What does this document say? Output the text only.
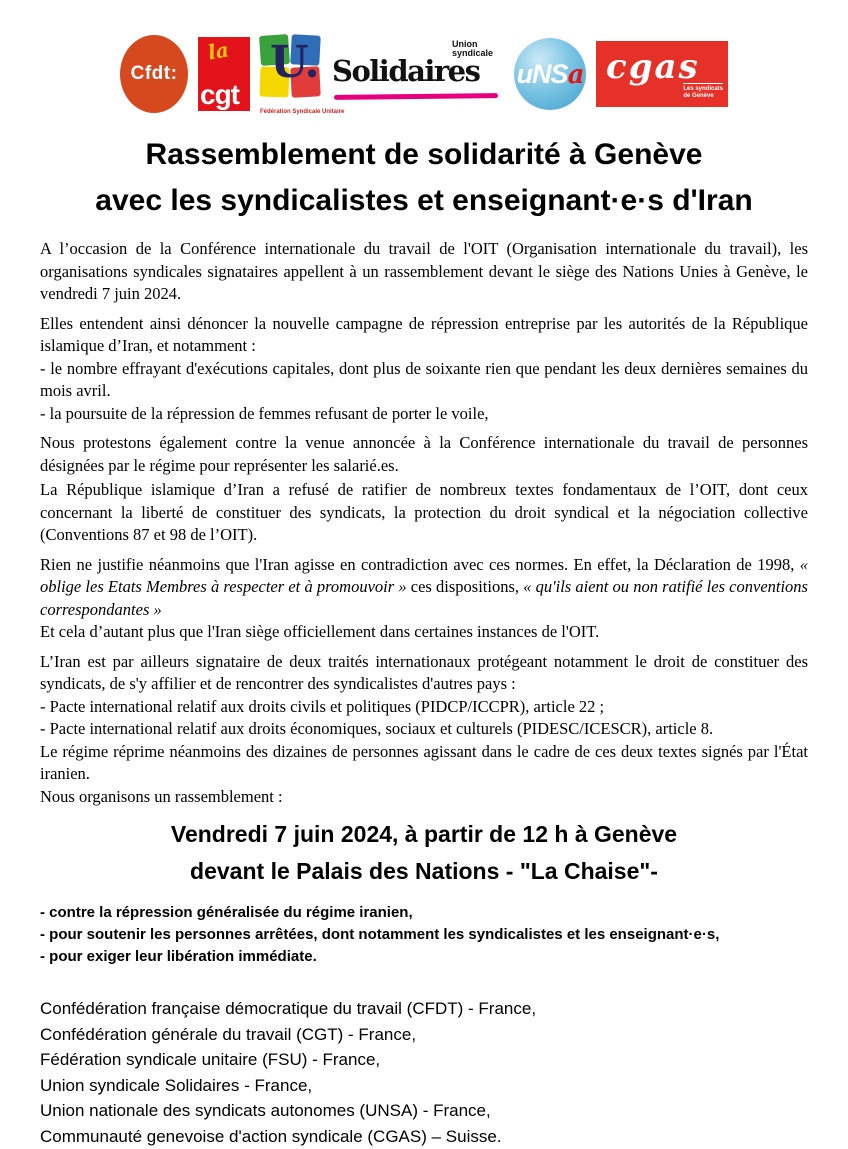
Cfdt:
la
cgt
U.
Fédération Syndicale Unitaire
Union syndicale
Solidaires uNSa cgas
Les syndicats
de Genève
Rassemblement de solidarité à Genève
avec les syndicalistes et enseignant·e·s d'Iran

A l’occasion de la Conférence internationale du travail de l'OIT (Organisation internationale du travail), les organisations syndicales signataires appellent à un rassemblement devant le siège des Nations Unies à Genève, le vendredi 7 juin 2024.

Elles entendent ainsi dénoncer la nouvelle campagne de répression entreprise par les autorités de la République islamique d’Iran, et notamment :

- le nombre effrayant d'exécutions capitales, dont plus de soixante rien que pendant les deux dernières semaines du mois avril.

- la poursuite de la répression de femmes refusant de porter le voile,

Nous protestons également contre la venue annoncée à la Conférence internationale du travail de personnes désignées par le régime pour représenter les salarié.es.

La République islamique d’Iran a refusé de ratifier de nombreux textes fondamentaux de l’OIT, dont ceux concernant la liberté de constituer des syndicats, la protection du droit syndical et la négociation collective (Conventions 87 et 98 de l’OIT).

Rien ne justifie néanmoins que l'Iran agisse en contradiction avec ces normes. En effet, la Déclaration de 1998, « oblige les Etats Membres à respecter et à promouvoir » ces dispositions, « qu'ils aient ou non ratifié les conventions correspondantes »

Et cela d’autant plus que l'Iran siège officiellement dans certaines instances de l'OIT.

L’Iran est par ailleurs signataire de deux traités internationaux protégeant notamment le droit de constituer des syndicats, de s'y affilier et de rencontrer des syndicalistes d'autres pays :

- Pacte international relatif aux droits civils et politiques (PIDCP/ICCPR), article 22 ;

- Pacte international relatif aux droits économiques, sociaux et culturels (PIDESC/ICESCR), article 8.

Le régime réprime néanmoins des dizaines de personnes agissant dans le cadre de ces deux textes signés par l'État iranien.

Nous organisons un rassemblement :

Vendredi 7 juin 2024, à partir de 12 h à Genève
devant le Palais des Nations - "La Chaise"-
- contre la répression généralisée du régime iranien,
- pour soutenir les personnes arrêtées, dont notamment les syndicalistes et les enseignant·e·s,
- pour exiger leur libération immédiate.
Confédération française démocratique du travail (CFDT) - France,
Confédération générale du travail (CGT) - France,
Fédération syndicale unitaire (FSU) - France,
Union syndicale Solidaires - France,
Union nationale des syndicats autonomes (UNSA) - France,
Communauté genevoise d'action syndicale (CGAS) – Suisse.
